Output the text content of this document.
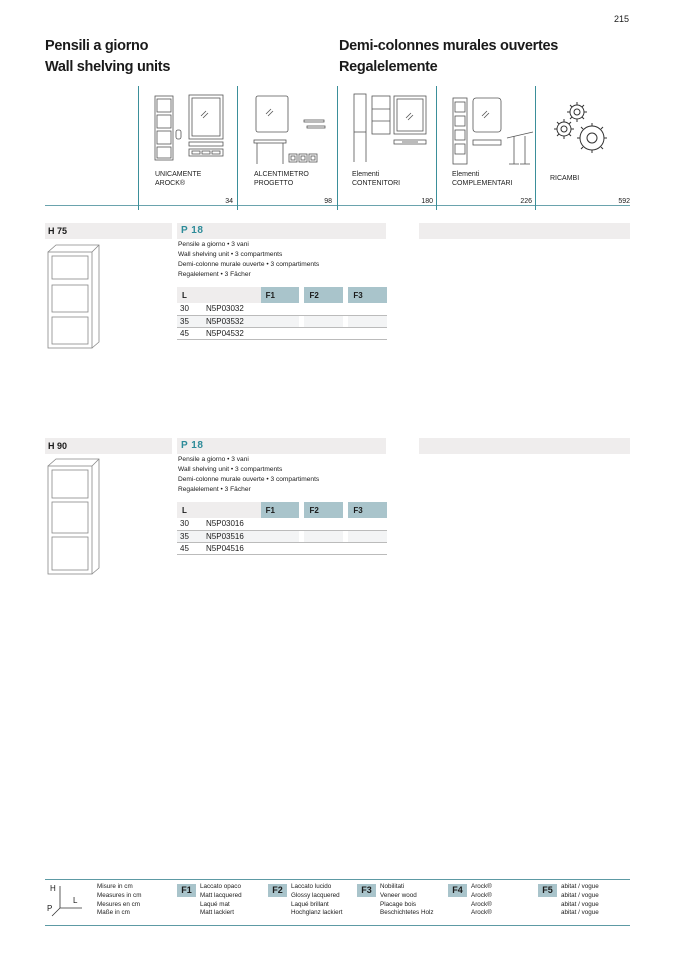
215
Pensili a giorno
Wall shelving units
Demi-colonnes murales ouvertes
Regalelemente
UNICAMENTE
AROCK®
34
ALCENTIMETRO
PROGETTO
98
Elementi
CONTENITORI
180
Elementi
COMPLEMENTARI
226
RICAMBI
592
H 75	P 18
Pensile a giorno • 3 vani
Wall shelving unit • 3 compartments
Demi-colonne murale ouverte • 3 compartiments
Regalelement • 3 Fächer
L	F1		F2		F3
30 N5P03032					
35 N5P03532					
45 N5P04532					
H 90	P 18
Pensile a giorno • 3 vani
Wall shelving unit • 3 compartments
Demi-colonne murale ouverte • 3 compartiments
Regalelement • 3 Fächer
L	F1		F2		F3
30 N5P03016					
35 N5P03516					
45 N5P04516					
H
L
P
Misure in cm
Measures in cm
Mesures en cm
Maße in cm
F1	Laccato opaco
Matt lacquered
Laqué mat
Matt lackiert
F2	Laccato lucido
Glossy lacquered
Laqué brillant
Hochglanz lackiert
F3	Nobilitati
Veneer wood
Placage bois
Beschichtetes Holz
F4	Arock®
Arock®
Arock®
Arock®
F5	abitat / vogue
abitat / vogue
abitat / vogue
abitat / vogue
